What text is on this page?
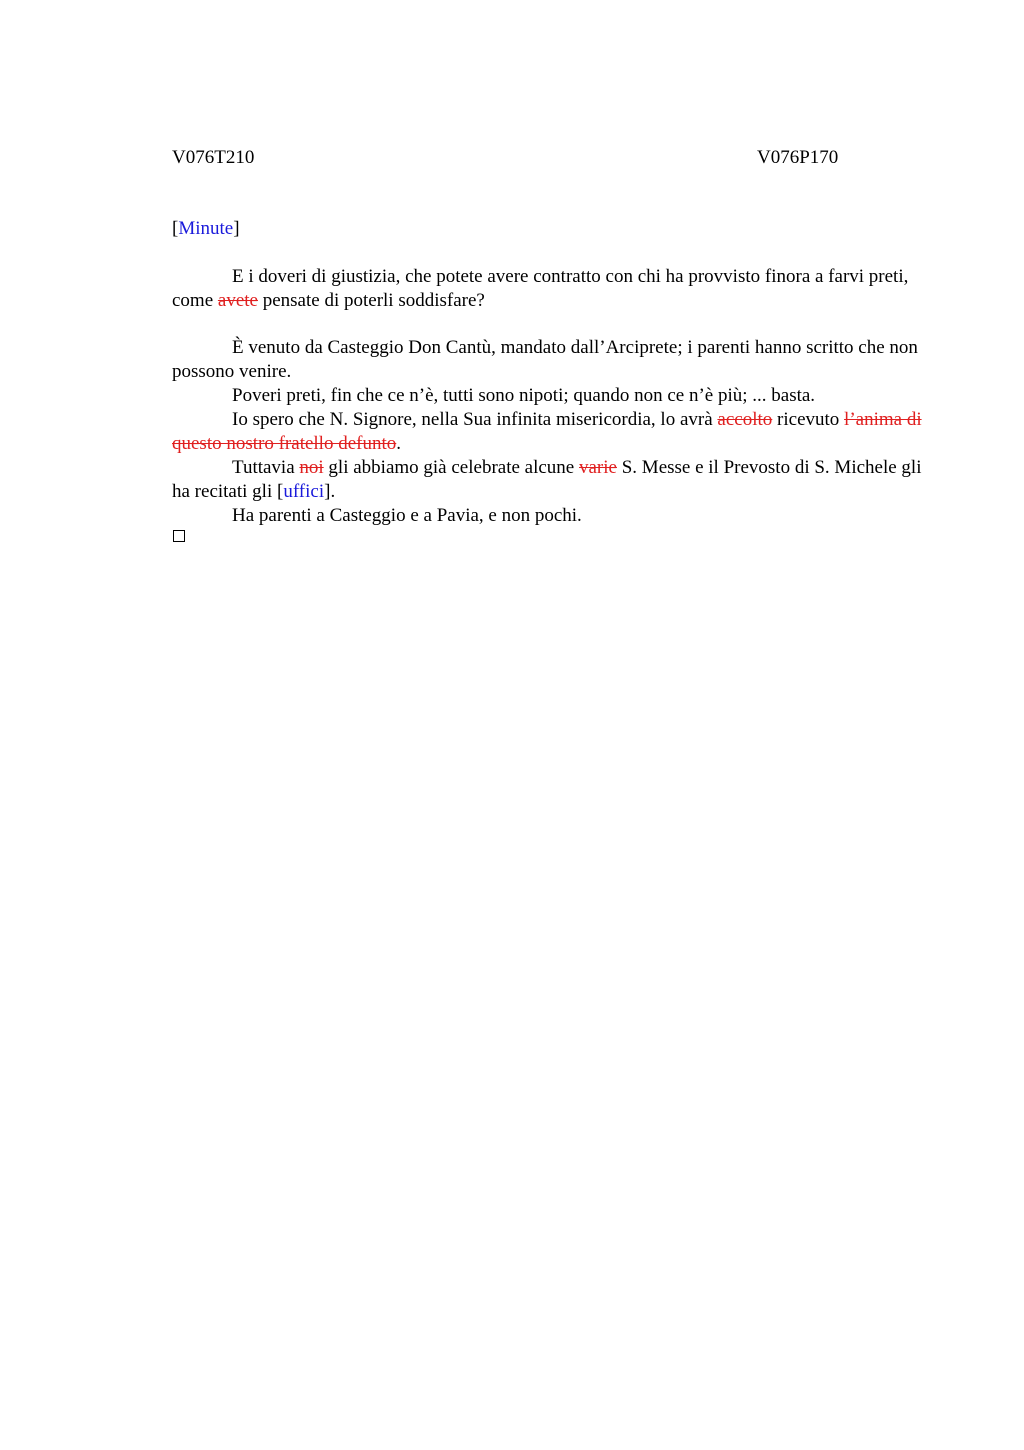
V076T210	V076P170
[Minute]

E i doveri di giustizia, che potete avere contratto con chi ha provvisto finora a farvi preti, come avete pensate di poterli soddisfare?

È venuto da Casteggio Don Cantù, mandato dall’Arciprete; i parenti hanno scritto che non possono venire.

Poveri preti, fin che ce n’è, tutti sono nipoti; quando non ce n’è più; ... basta.

Io spero che N. Signore, nella Sua infinita misericordia, lo avrà accolto ricevuto l’anima di questo nostro fratello defunto.

Tuttavia noi gli abbiamo già celebrate alcune varie S. Messe e il Prevosto di S. Michele gli ha recitati gli [uffici].

Ha parenti a Casteggio e a Pavia, e non pochi.
